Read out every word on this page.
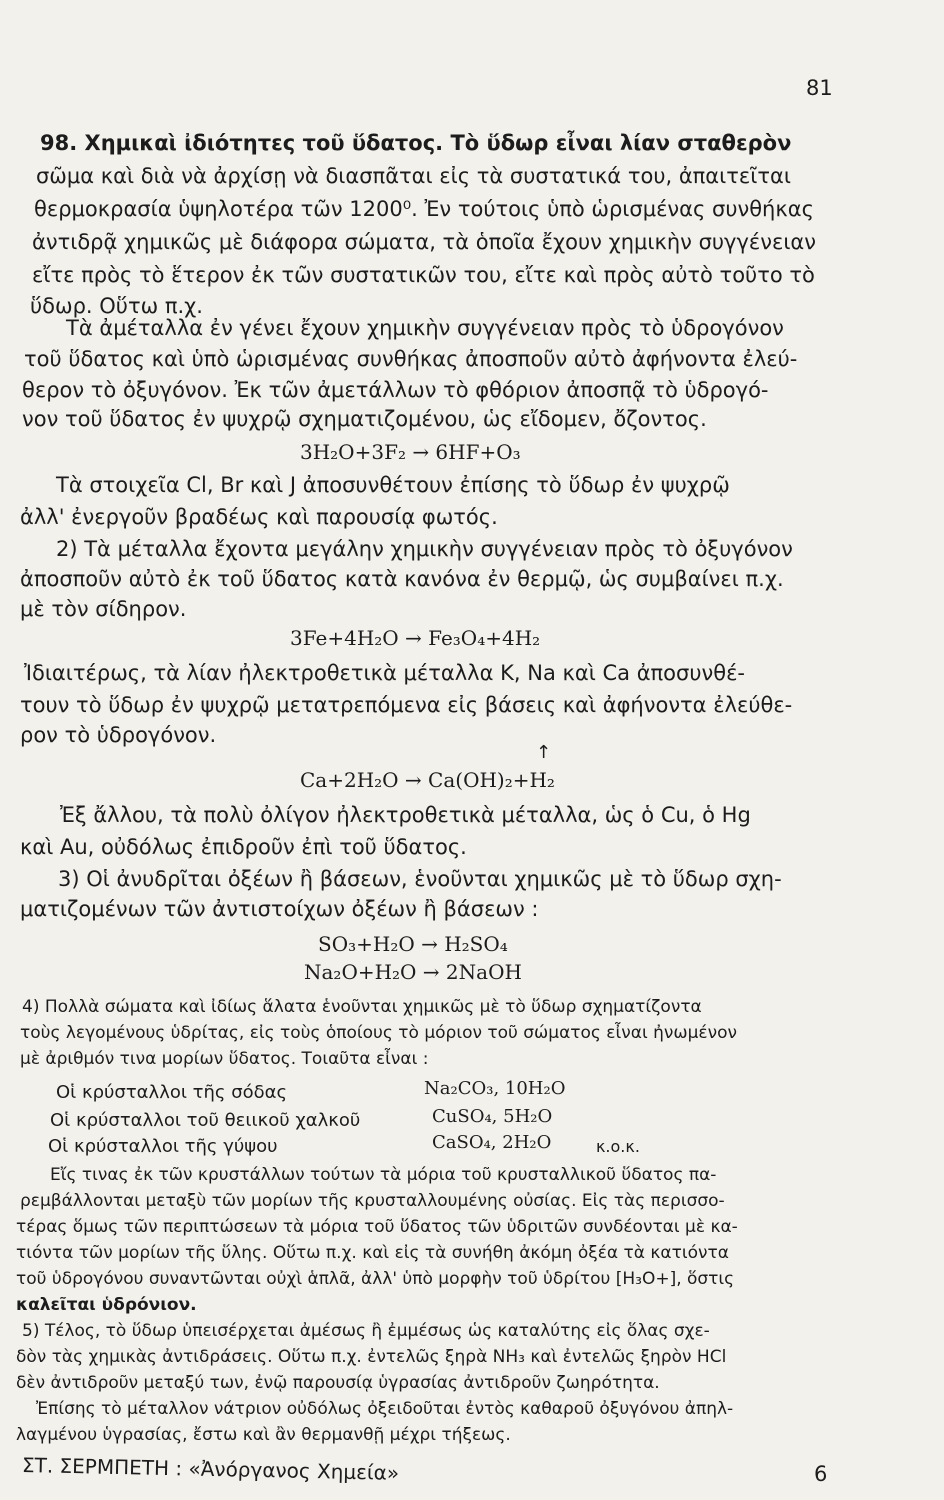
81
98. Χημικαὶ ἰδιότητες τοῦ ὕδατος. Τὸ ὕδωρ εἶναι λίαν σταθερὸν
σῶμα καὶ διὰ νὰ ἀρχίσῃ νὰ διασπᾶται εἰς τὰ συστατικά του, ἀπαιτεῖται
θερμοκρασία ὑψηλοτέρα τῶν 1200⁰. Ἐν τούτοις ὑπὸ ὡρισμένας συνθήκας
ἀντιδρᾷ χημικῶς μὲ διάφορα σώματα, τὰ ὁποῖα ἔχουν χημικὴν συγγένειαν
εἴτε πρὸς τὸ ἕτερον ἐκ τῶν συστατικῶν του, εἴτε καὶ πρὸς αὐτὸ τοῦτο τὸ
ὕδωρ. Οὕτω π.χ.
Τὰ ἀμέταλλα ἐν γένει ἔχουν χημικὴν συγγένειαν πρὸς τὸ ὑδρογόνον
τοῦ ὕδατος καὶ ὑπὸ ὡρισμένας συνθήκας ἀποσποῦν αὐτὸ ἀφήνοντα ἐλεύ-
θερον τὸ ὀξυγόνον. Ἐκ τῶν ἀμετάλλων τὸ φθόριον ἀποσπᾷ τὸ ὑδρογό-
νον τοῦ ὕδατος ἐν ψυχρῷ σχηματιζομένου, ὡς εἴδομεν, ὄζοντος.
3H₂O+3F₂ → 6HF+O₃
Τὰ στοιχεῖα Cl, Br καὶ J ἀποσυνθέτουν ἐπίσης τὸ ὕδωρ ἐν ψυχρῷ
ἀλλ' ἐνεργοῦν βραδέως καὶ παρουσίᾳ φωτός.
2) Τὰ μέταλλα ἔχοντα μεγάλην χημικὴν συγγένειαν πρὸς τὸ ὀξυγόνον
ἀποσποῦν αὐτὸ ἐκ τοῦ ὕδατος κατὰ κανόνα ἐν θερμῷ, ὡς συμβαίνει π.χ.
μὲ τὸν σίδηρον.
3Fe+4H₂O → Fe₃O₄+4H₂
Ἰδιαιτέρως, τὰ λίαν ἠλεκτροθετικὰ μέταλλα K, Na καὶ Ca ἀποσυνθέ-
τουν τὸ ὕδωρ ἐν ψυχρῷ μετατρεπόμενα εἰς βάσεις καὶ ἀφήνοντα ἐλεύθε-
ρον τὸ ὑδρογόνον.
↑
Ca+2H₂O → Ca(OH)₂+H₂
Ἐξ ἄλλου, τὰ πολὺ ὀλίγον ἠλεκτροθετικὰ μέταλλα, ὡς ὁ Cu, ὁ Hg
καὶ Au, οὐδόλως ἐπιδροῦν ἐπὶ τοῦ ὕδατος.
3) Οἱ ἀνυδρῖται ὀξέων ἢ βάσεων, ἑνοῦνται χημικῶς μὲ τὸ ὕδωρ σχη-
ματιζομένων τῶν ἀντιστοίχων ὀξέων ἢ βάσεων :
SO₃+H₂O → H₂SO₄
Na₂O+H₂O → 2NaOH
4) Πολλὰ σώματα καὶ ἰδίως ἅλατα ἑνοῦνται χημικῶς μὲ τὸ ὕδωρ σχηματίζοντα
τοὺς λεγομένους ὑδρίτας, εἰς τοὺς ὁποίους τὸ μόριον τοῦ σώματος εἶναι ἠνωμένον
μὲ ἀριθμόν τινα μορίων ὕδατος. Τοιαῦτα εἶναι :
Οἱ κρύσταλλοι τῆς σόδας	Na₂CO₃, 10H₂O
Οἱ κρύσταλλοι τοῦ θειικοῦ χαλκοῦ	CuSO₄, 5H₂O
Οἱ κρύσταλλοι τῆς γύψου	CaSO₄, 2H₂O	κ.ο.κ.
Εἴς τινας ἐκ τῶν κρυστάλλων τούτων τὰ μόρια τοῦ κρυσταλλικοῦ ὕδατος πα-
ρεμβάλλονται μεταξὺ τῶν μορίων τῆς κρυσταλλουμένης οὐσίας. Εἰς τὰς περισσο-
τέρας ὅμως τῶν περιπτώσεων τὰ μόρια τοῦ ὕδατος τῶν ὑδριτῶν συνδέονται μὲ κα-
τιόντα τῶν μορίων τῆς ὕλης. Οὕτω π.χ. καὶ εἰς τὰ συνήθη ἀκόμη ὀξέα τὰ κατιόντα
τοῦ ὑδρογόνου συναντῶνται οὐχὶ ἁπλᾶ, ἀλλ' ὑπὸ μορφὴν τοῦ ὑδρίτου [H₃O+], ὅστις
καλεῖται ὑδρόνιον.
5) Τέλος, τὸ ὕδωρ ὑπεισέρχεται ἀμέσως ἢ ἐμμέσως ὡς καταλύτης εἰς ὅλας σχε-
δὸν τὰς χημικὰς ἀντιδράσεις. Οὕτω π.χ. ἐντελῶς ξηρὰ NH₃ καὶ ἐντελῶς ξηρὸν HCl
δὲν ἀντιδροῦν μεταξύ των, ἐνῷ παρουσίᾳ ὑγρασίας ἀντιδροῦν ζωηρότητα.
Ἐπίσης τὸ μέταλλον νάτριον οὐδόλως ὀξειδοῦται ἐντὸς καθαροῦ ὀξυγόνου ἀπηλ-
λαγμένου ὑγρασίας, ἔστω καὶ ἂν θερμανθῇ μέχρι τήξεως.
ΣΤ. ΣΕΡΜΠΕΤΗ : «Ἀνόργανος Χημεία»	6
